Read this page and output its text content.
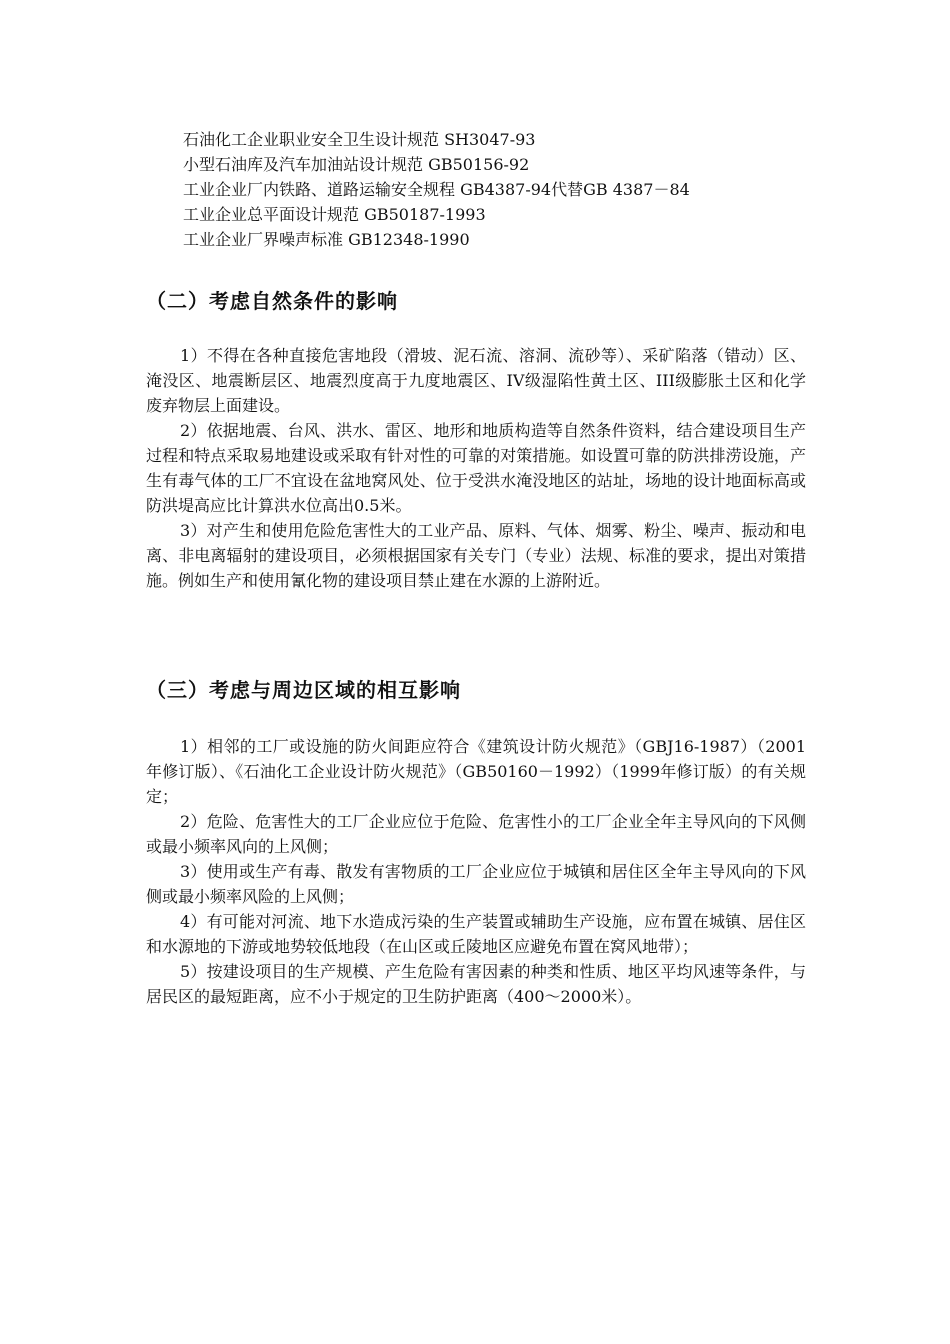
石油化工企业职业安全卫生设计规范 SH3047-93
小型石油库及汽车加油站设计规范 GB50156-92
工业企业厂内铁路、道路运输安全规程 GB4387-94代替GB 4387－84
工业企业总平面设计规范 GB50187-1993
工业企业厂界噪声标准 GB12348-1990
（二）考虑自然条件的影响

1）不得在各种直接危害地段（滑坡、泥石流、溶洞、流砂等）、采矿陷落（错动）区、淹没区、地震断层区、地震烈度高于九度地震区、IV级湿陷性黄土区、III级膨胀土区和化学废弃物层上面建设。

2）依据地震、台风、洪水、雷区、地形和地质构造等自然条件资料，结合建设项目生产过程和特点采取易地建设或采取有针对性的可靠的对策措施。如设置可靠的防洪排涝设施，产生有毒气体的工厂不宜设在盆地窝风处、位于受洪水淹没地区的站址，场地的设计地面标高或防洪堤高应比计算洪水位高出0.5米。

3）对产生和使用危险危害性大的工业产品、原料、气体、烟雾、粉尘、噪声、振动和电离、非电离辐射的建设项目，必须根据国家有关专门（专业）法规、标准的要求，提出对策措施。例如生产和使用氰化物的建设项目禁止建在水源的上游附近。

（三）考虑与周边区域的相互影响

1）相邻的工厂或设施的防火间距应符合《建筑设计防火规范》（GBJ16-1987）（2001年修订版）、《石油化工企业设计防火规范》（GB50160－1992）（1999年修订版）的有关规定；

2）危险、危害性大的工厂企业应位于危险、危害性小的工厂企业全年主导风向的下风侧或最小频率风向的上风侧；

3）使用或生产有毒、散发有害物质的工厂企业应位于城镇和居住区全年主导风向的下风侧或最小频率风险的上风侧；

4）有可能对河流、地下水造成污染的生产装置或辅助生产设施，应布置在城镇、居住区和水源地的下游或地势较低地段（在山区或丘陵地区应避免布置在窝风地带）；

5）按建设项目的生产规模、产生危险有害因素的种类和性质、地区平均风速等条件，与居民区的最短距离，应不小于规定的卫生防护距离（400～2000米）。
